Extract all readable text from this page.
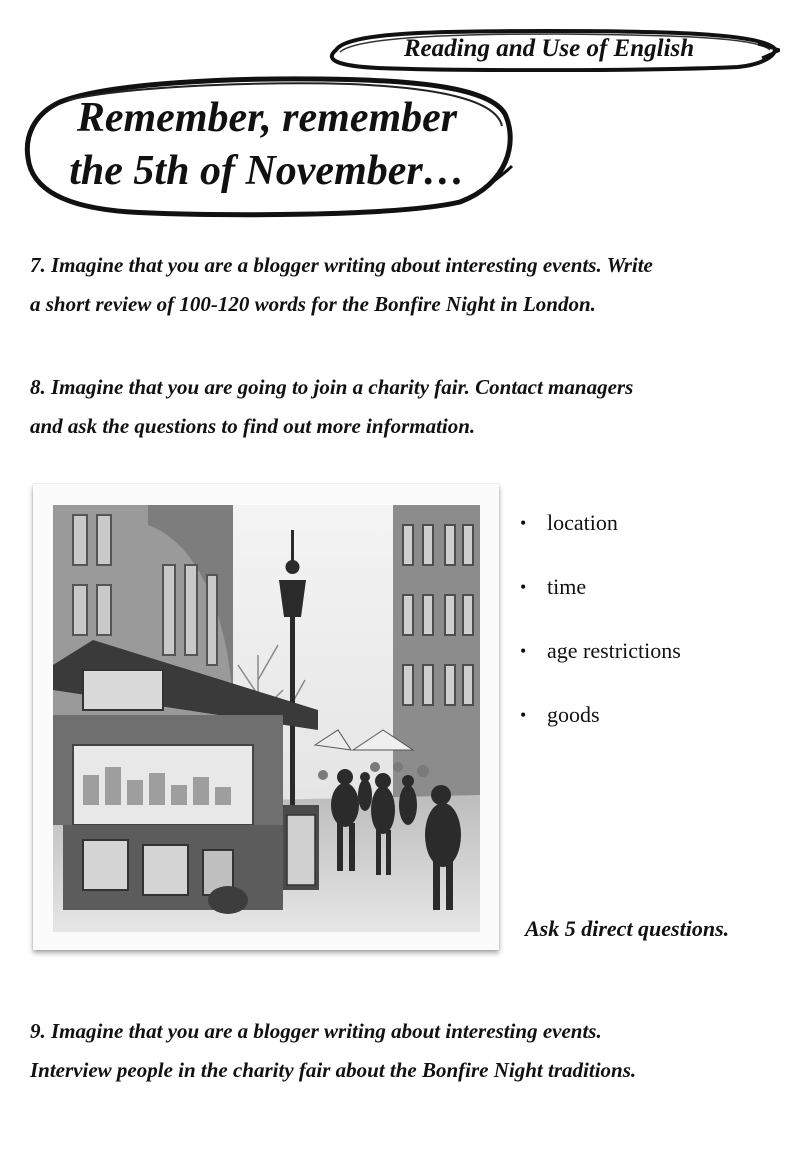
Reading and Use of English
Remember, remember
the 5th of November…
7. Imagine that you are a blogger writing about interesting events. Write
a short review of 100-120 words for the Bonfire Night in London.
8. Imagine that you are going to join a charity fair. Contact managers
and ask the questions to find out more information.
• location
• time
• age restrictions
• goods
Ask 5 direct questions.
9. Imagine that you are a blogger writing about interesting events.
Interview people in the charity fair about the Bonfire Night traditions.
